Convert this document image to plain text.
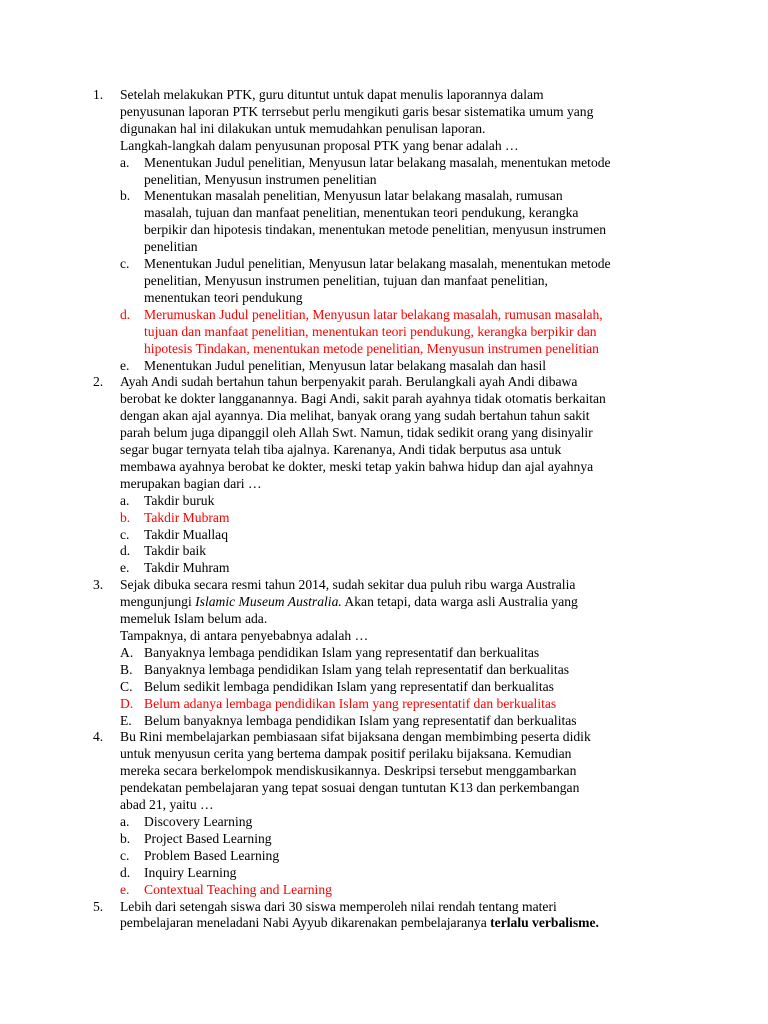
1. Setelah melakukan PTK, guru dituntut untuk dapat menulis laporannya dalam
penyusunan laporan PTK terrsebut perlu mengikuti garis besar sistematika umum yang
digunakan hal ini dilakukan untuk memudahkan penulisan laporan.
Langkah-langkah dalam penyusunan proposal PTK yang benar adalah …
a. Menentukan Judul penelitian, Menyusun latar belakang masalah, menentukan metode
penelitian, Menyusun instrumen penelitian
b. Menentukan masalah penelitian, Menyusun latar belakang masalah, rumusan
masalah, tujuan dan manfaat penelitian, menentukan teori pendukung, kerangka
berpikir dan hipotesis tindakan, menentukan metode penelitian, menyusun instrumen
penelitian
c. Menentukan Judul penelitian, Menyusun latar belakang masalah, menentukan metode
penelitian, Menyusun instrumen penelitian, tujuan dan manfaat penelitian,
menentukan teori pendukung
d. Merumuskan Judul penelitian, Menyusun latar belakang masalah, rumusan masalah,
tujuan dan manfaat penelitian, menentukan teori pendukung, kerangka berpikir dan
hipotesis Tindakan, menentukan metode penelitian, Menyusun instrumen penelitian
e. Menentukan Judul penelitian, Menyusun latar belakang masalah dan hasil
2. Ayah Andi sudah bertahun tahun berpenyakit parah. Berulangkali ayah Andi dibawa
berobat ke dokter langganannya. Bagi Andi, sakit parah ayahnya tidak otomatis berkaitan
dengan akan ajal ayannya. Dia melihat, banyak orang yang sudah bertahun tahun sakit
parah belum juga dipanggil oleh Allah Swt. Namun, tidak sedikit orang yang disinyalir
segar bugar ternyata telah tiba ajalnya. Karenanya, Andi tidak berputus asa untuk
membawa ayahnya berobat ke dokter, meski tetap yakin bahwa hidup dan ajal ayahnya
merupakan bagian dari …
a. Takdir buruk
b. Takdir Mubram
c. Takdir Muallaq
d. Takdir baik
e. Takdir Muhram
3. Sejak dibuka secara resmi tahun 2014, sudah sekitar dua puluh ribu warga Australia
mengunjungi Islamic Museum Australia. Akan tetapi, data warga asli Australia yang
memeluk Islam belum ada.
Tampaknya, di antara penyebabnya adalah …
A. Banyaknya lembaga pendidikan Islam yang representatif dan berkualitas
B. Banyaknya lembaga pendidikan Islam yang telah representatif dan berkualitas
C. Belum sedikit lembaga pendidikan Islam yang representatif dan berkualitas
D. Belum adanya lembaga pendidikan Islam yang representatif dan berkualitas
E. Belum banyaknya lembaga pendidikan Islam yang representatif dan berkualitas
4. Bu Rini membelajarkan pembiasaan sifat bijaksana dengan membimbing peserta didik
untuk menyusun cerita yang bertema dampak positif perilaku bijaksana. Kemudian
mereka secara berkelompok mendiskusikannya. Deskripsi tersebut menggambarkan
pendekatan pembelajaran yang tepat sosuai dengan tuntutan K13 dan perkembangan
abad 21, yaitu …
a. Discovery Learning
b. Project Based Learning
c. Problem Based Learning
d. Inquiry Learning
e. Contextual Teaching and Learning
5. Lebih dari setengah siswa dari 30 siswa memperoleh nilai rendah tentang materi
pembelajaran meneladani Nabi Ayyub dikarenakan pembelajaranya terlalu verbalisme.
